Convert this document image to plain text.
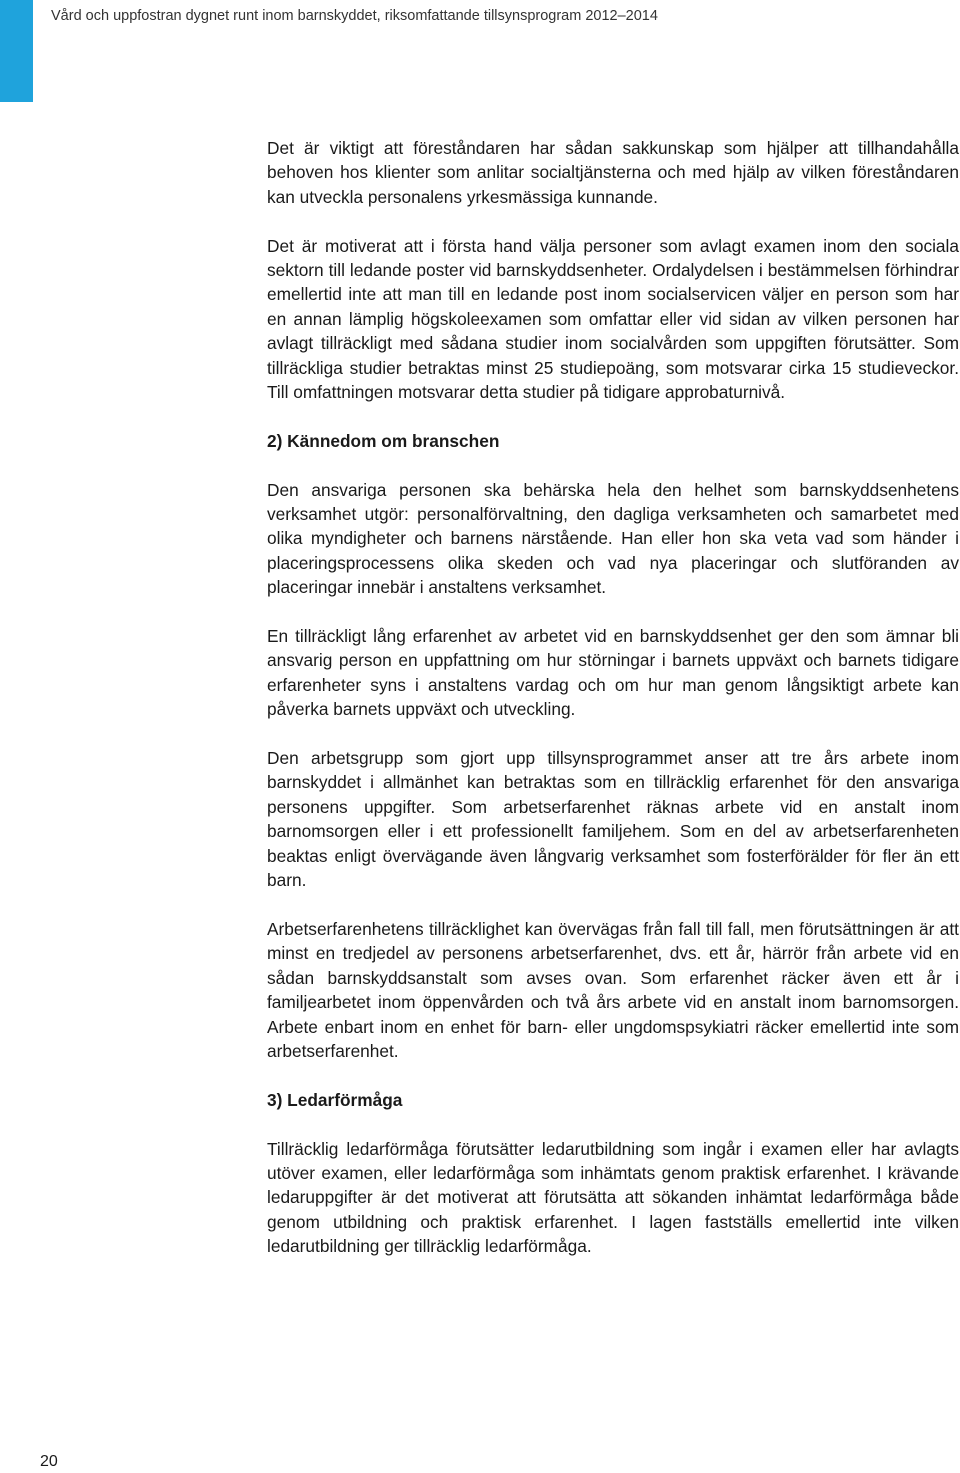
Vård och uppfostran dygnet runt inom barnskyddet, riksomfattande tillsynsprogram 2012–2014

Det är viktigt att föreståndaren har sådan sakkunskap som hjälper att tillhandahålla behoven hos klienter som anlitar socialtjänsterna och med hjälp av vilken föreståndaren kan utveckla personalens yrkesmässiga kunnande.

Det är motiverat att i första hand välja personer som avlagt examen inom den sociala sektorn till ledande poster vid barnskyddsenheter. Ordalydelsen i bestämmelsen förhindrar emellertid inte att man till en ledande post inom socialservicen väljer en person som har en annan lämplig högskoleexamen som omfattar eller vid sidan av vilken personen har avlagt tillräckligt med sådana studier inom socialvården som uppgiften förutsätter. Som tillräckliga studier betraktas minst 25 studiepoäng, som motsvarar cirka 15 studieveckor. Till omfattningen motsvarar detta studier på tidigare approbaturnivå.

2) Kännedom om branschen

Den ansvariga personen ska behärska hela den helhet som barnskyddsenhetens verksamhet utgör: personalförvaltning, den dagliga verksamheten och samarbetet med olika myndigheter och barnens närstående. Han eller hon ska veta vad som händer i placeringsprocessens olika skeden och vad nya placeringar och slutföranden av placeringar innebär i anstaltens verksamhet.

En tillräckligt lång erfarenhet av arbetet vid en barnskyddsenhet ger den som ämnar bli ansvarig person en uppfattning om hur störningar i barnets uppväxt och barnets tidigare erfarenheter syns i anstaltens vardag och om hur man genom långsiktigt arbete kan påverka barnets uppväxt och utveckling.

Den arbetsgrupp som gjort upp tillsynsprogrammet anser att tre års arbete inom barnskyddet i allmänhet kan betraktas som en tillräcklig erfarenhet för den ansvariga personens uppgifter. Som arbetserfarenhet räknas arbete vid en anstalt inom barnomsorgen eller i ett professionellt familjehem. Som en del av arbetserfarenheten beaktas enligt övervägande även långvarig verksamhet som fosterförälder för fler än ett barn.

Arbetserfarenhetens tillräcklighet kan övervägas från fall till fall, men förutsättningen är att minst en tredjedel av personens arbetserfarenhet, dvs. ett år, härrör från arbete vid en sådan barnskyddsanstalt som avses ovan. Som erfarenhet räcker även ett år i familjearbetet inom öppenvården och två års arbete vid en anstalt inom barnomsorgen. Arbete enbart inom en enhet för barn- eller ungdomspsykiatri räcker emellertid inte som arbetserfarenhet.

3) Ledarförmåga

Tillräcklig ledarförmåga förutsätter ledarutbildning som ingår i examen eller har avlagts utöver examen, eller ledarförmåga som inhämtats genom praktisk erfarenhet. I krävande ledaruppgifter är det motiverat att förutsätta att sökanden inhämtat ledarförmåga både genom utbildning och praktisk erfarenhet. I lagen fastställs emellertid inte vilken ledarutbildning ger tillräcklig ledarförmåga.

20
